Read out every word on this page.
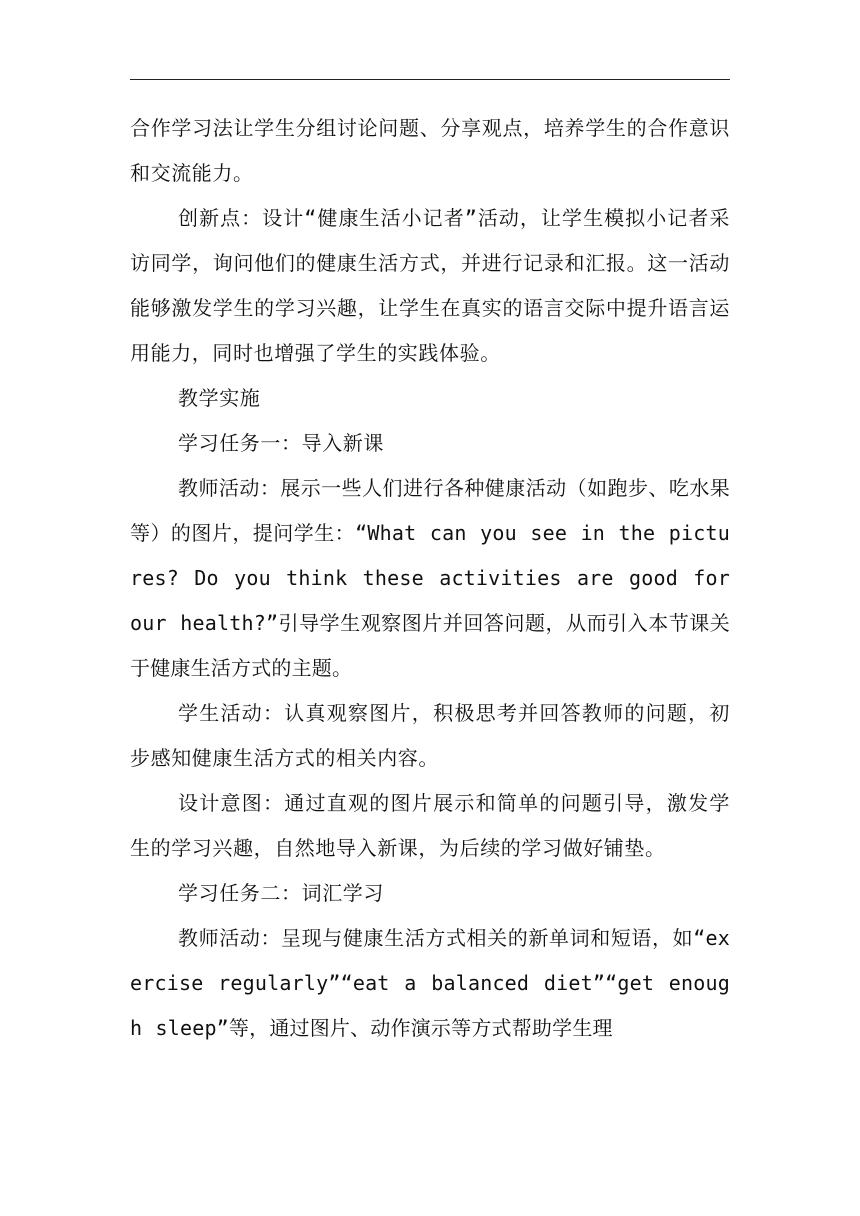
合作学习法让学生分组讨论问题、分享观点，培养学生的合作意识和交流能力。

创新点：设计“健康生活小记者”活动，让学生模拟小记者采访同学，询问他们的健康生活方式，并进行记录和汇报。这一活动能够激发学生的学习兴趣，让学生在真实的语言交际中提升语言运用能力，同时也增强了学生的实践体验。

教学实施

学习任务一：导入新课

教师活动：展示一些人们进行各种健康活动（如跑步、吃水果等）的图片，提问学生：“What can you see in the pictures? Do you think these activities are good for our health?”引导学生观察图片并回答问题，从而引入本节课关于健康生活方式的主题。

学生活动：认真观察图片，积极思考并回答教师的问题，初步感知健康生活方式的相关内容。

设计意图：通过直观的图片展示和简单的问题引导，激发学生的学习兴趣，自然地导入新课，为后续的学习做好铺垫。

学习任务二：词汇学习

教师活动：呈现与健康生活方式相关的新单词和短语，如“exercise regularly”“eat a balanced diet”“get enough sleep”等，通过图片、动作演示等方式帮助学生理
